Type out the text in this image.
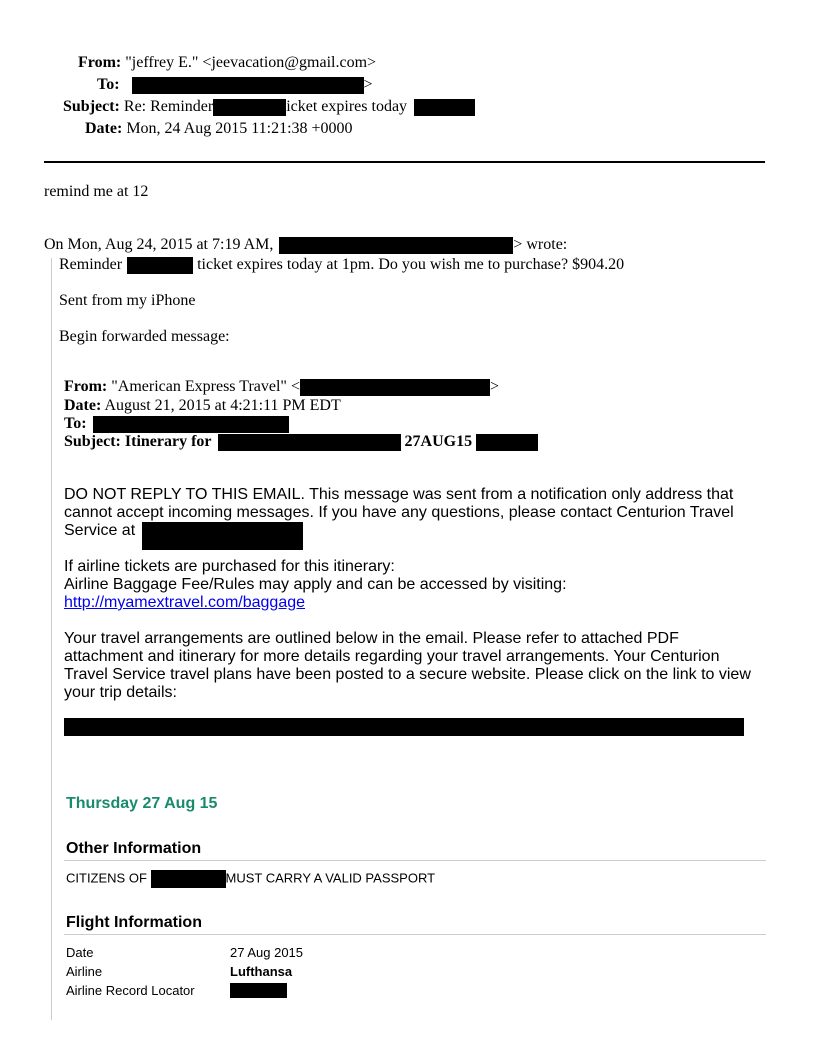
From: "jeffrey E." <jeevacation@gmail.com>
To:	>
Subject: Re: Reminder	icket expires today
Date: Mon, 24 Aug 2015 11:21:38 +0000
remind me at 12
On Mon, Aug 24, 2015 at 7:19 AM,	> wrote:
Reminder	ticket expires today at 1pm. Do you wish me to purchase? $904.20
Sent from my iPhone
Begin forwarded message:
From: "American Express Travel" <	>
Date: August 21, 2015 at 4:21:11 PM EDT
To:
Subject: Itinerary for	27AUG15
DO NOT REPLY TO THIS EMAIL. This message was sent from a notification only address that
cannot accept incoming messages. If you have any questions, please contact Centurion Travel
Service at
If airline tickets are purchased for this itinerary:
Airline Baggage Fee/Rules may apply and can be accessed by visiting:
http://myamextravel.com/baggage
Your travel arrangements are outlined below in the email. Please refer to attached PDF
attachment and itinerary for more details regarding your travel arrangements. Your Centurion
Travel Service travel plans have been posted to a secure website. Please click on the link to view
your trip details:
Thursday 27 Aug 15
Other Information
CITIZENS OF	MUST CARRY A VALID PASSPORT
Flight Information
Date	27 Aug 2015
Airline	Lufthansa
Airline Record Locator
